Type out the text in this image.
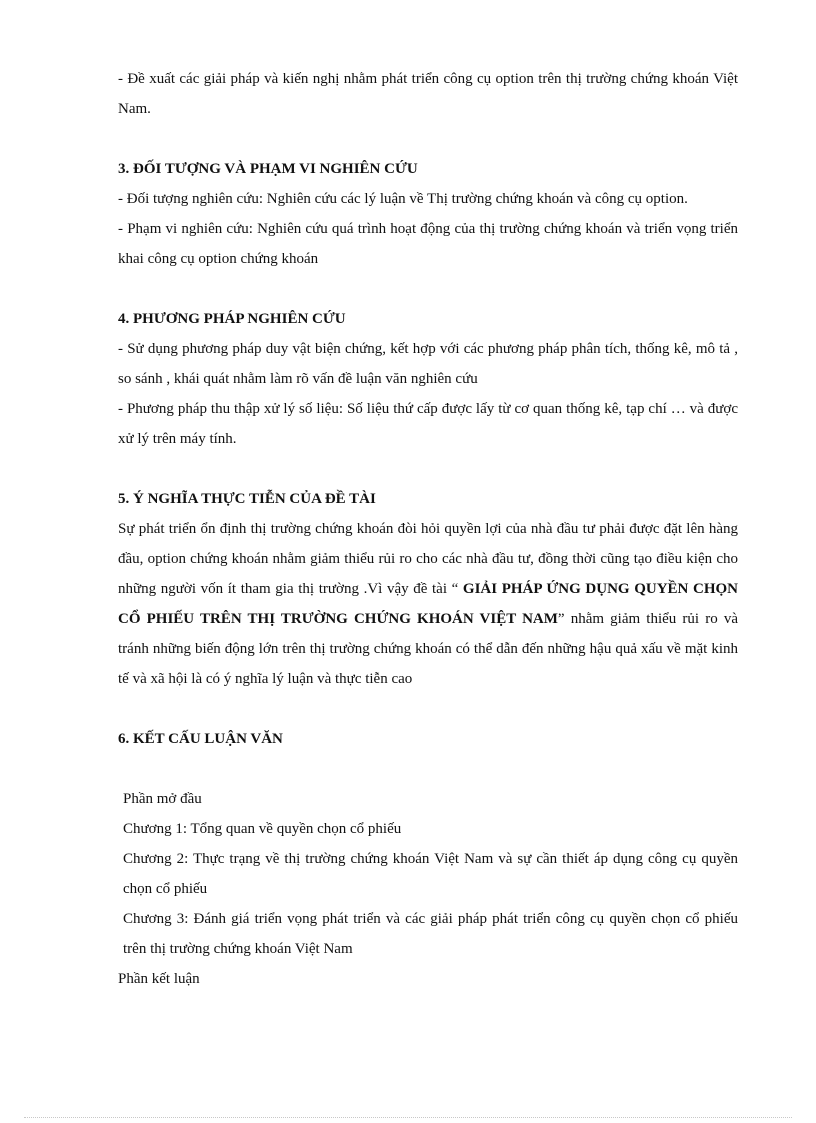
- Đề xuất các giải pháp và kiến nghị nhằm phát triển công cụ option trên thị trường chứng khoán Việt Nam.

3. ĐỐI TƯỢNG VÀ PHẠM VI NGHIÊN CỨU

- Đối tượng nghiên cứu: Nghiên cứu các lý luận về Thị trường chứng khoán và công cụ option.

- Phạm vi nghiên cứu: Nghiên cứu quá trình hoạt động của thị trường chứng khoán và triển vọng triển khai công cụ option chứng khoán

4. PHƯƠNG PHÁP NGHIÊN CỨU

- Sử dụng phương pháp duy vật biện chứng, kết hợp với các phương pháp phân tích, thống kê, mô tả , so sánh , khái quát nhằm làm rõ vấn đề luận văn nghiên cứu

- Phương pháp thu thập xử lý số liệu: Số liệu thứ cấp được lấy từ cơ quan thống kê, tạp chí … và được xử lý trên máy tính.

5. Ý NGHĨA THỰC TIỄN CỦA ĐỀ TÀI

Sự phát triển ổn định thị trường chứng khoán đòi hỏi quyền lợi của nhà đầu tư phải được đặt lên hàng đầu, option chứng khoán nhằm giảm thiểu rủi ro cho các nhà đầu tư, đồng thời cũng tạo điều kiện cho những người vốn ít tham gia thị trường .Vì vậy đề tài “ GIẢI PHÁP ỨNG DỤNG QUYỀN CHỌN CỔ PHIẾU TRÊN THỊ TRƯỜNG CHỨNG KHOÁN VIỆT NAM” nhằm giảm thiểu rủi ro và tránh những biến động lớn trên thị trường chứng khoán có thể dẫn đến những hậu quả xấu về mặt kinh tế và xã hội là có ý nghĩa lý luận và thực tiễn cao

6. KẾT CẤU LUẬN VĂN

Phần mở đầu

Chương 1: Tổng quan về quyền chọn cổ phiếu

Chương 2: Thực trạng về thị trường chứng khoán Việt Nam và sự cần thiết áp dụng công cụ quyền chọn cổ phiếu

Chương 3: Đánh giá triển vọng phát triển và các giải pháp phát triển công cụ quyền chọn cổ phiếu trên thị trường chứng khoán Việt Nam

Phần kết luận
